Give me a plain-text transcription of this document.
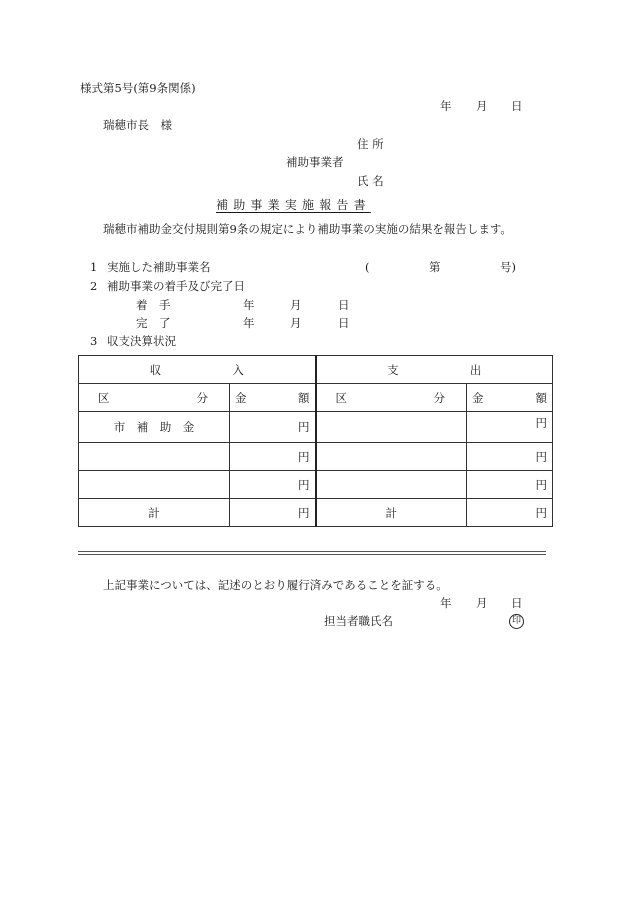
様式第5号(第9条関係)
年 月 日
瑞穂市長　様
住 所
補助事業者
氏 名
補助事業実施報告書
瑞穂市補助金交付規則第9条の規定により補助事業の実施の結果を報告します。
1 実施した補助事業名	(	第	号)
2 補助事業の着手及び完了日
着　手	年	月	日
完　了	年	月	日
3 収支決算状況
収 入		支 出	

区 分	金 額	区 分	金 額

市　補　助　金	円		円
	円		円
	円		円
計	円	計	円
上記事業については、記述のとおり履行済みであることを証する。
年 月 日
担当者職氏名	印
